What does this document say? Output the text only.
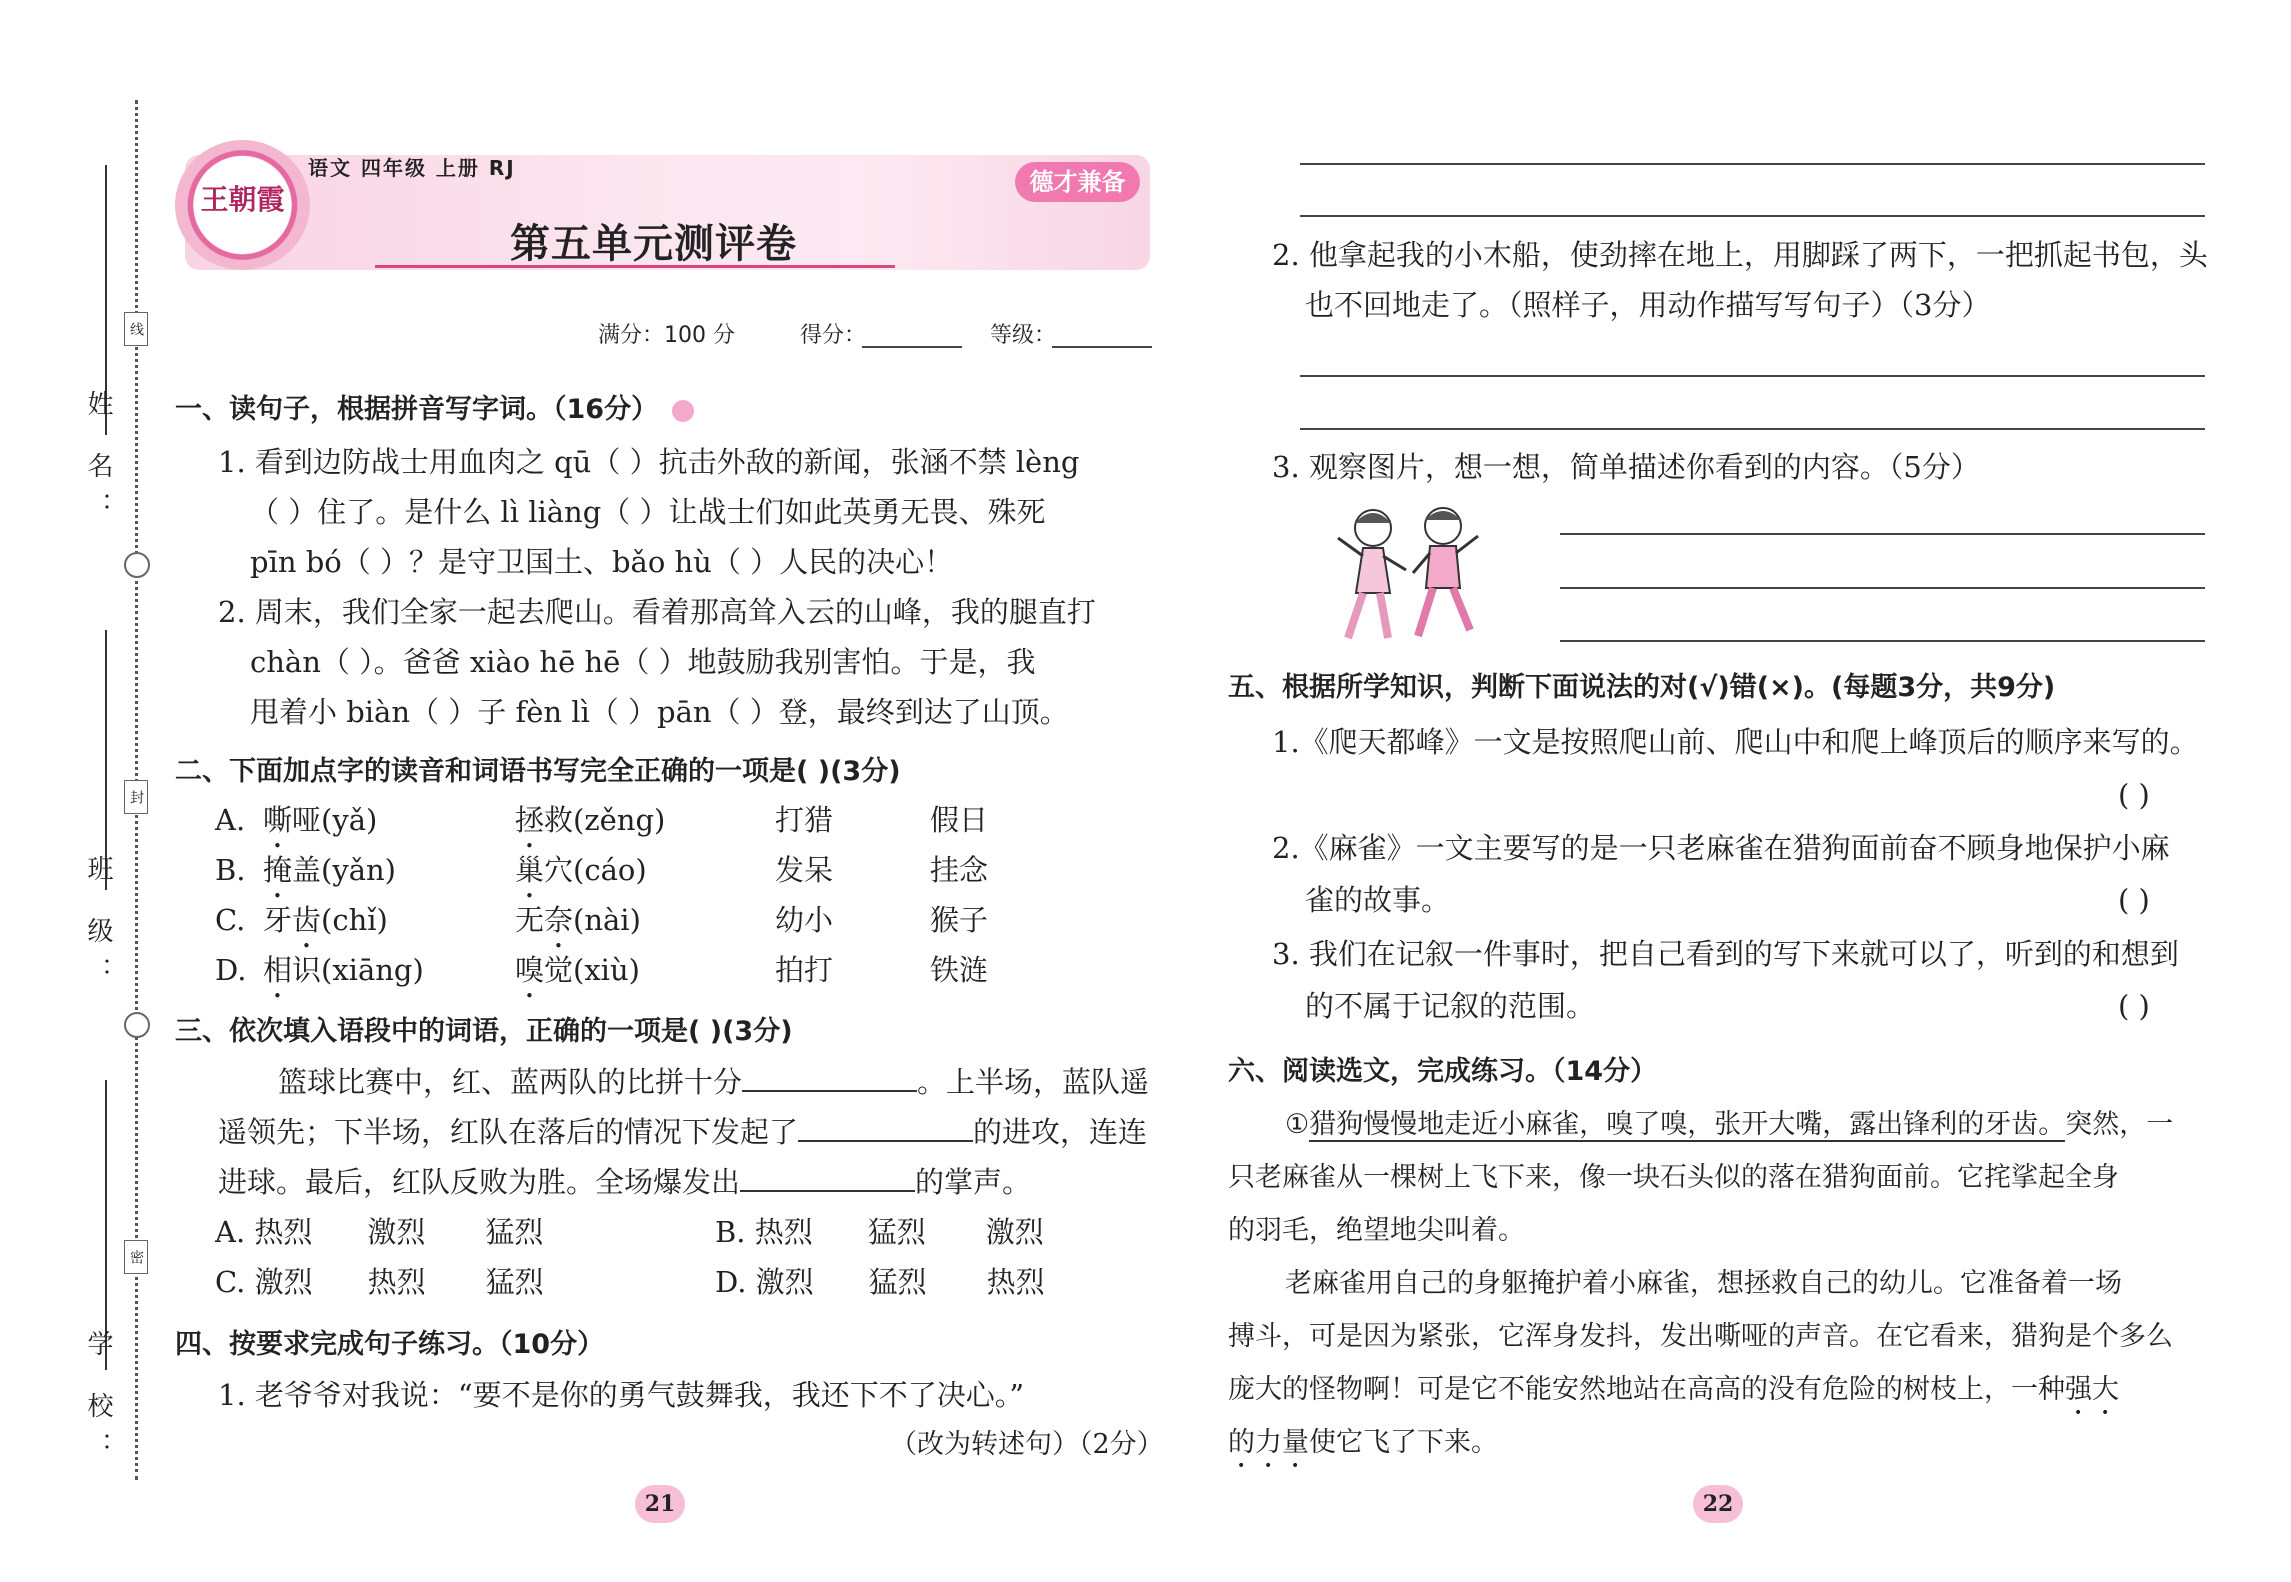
姓 名：
班 级：
学 校：
线
封
密
王朝霞
语文 四年级 上册 RJ
第五单元测评卷
德才兼备
满分：100 分	得分：	等级：
一、读句子，根据拼音写字词。（16分）
1. 看到边防战士用血肉之 qū（ ）抗击外敌的新闻，张涵不禁 lèng
（ ）住了。是什么 lì liàng（ ）让战士们如此英勇无畏、殊死
pīn bó（ ）？是守卫国土、bǎo hù（ ）人民的决心！
2. 周末，我们全家一起去爬山。看着那高耸入云的山峰，我的腿直打
chàn（ ）。爸爸 xiào hē hē（ ）地鼓励我别害怕。于是，我
甩着小 biàn（ ）子 fèn lì（ ）pān（ ）登，最终到达了山顶。
二、下面加点字的读音和词语书写完全正确的一项是( )(3分)
A. 嘶哑(yǎ)	拯救(zěng)	打猎	假日
B. 掩盖(yǎn)	巢穴(cáo)	发呆	挂念
C. 牙齿(chǐ)	无奈(nài)	幼小	猴子
D. 相识(xiāng)	嗅觉(xiù)	拍打	铁涟
三、依次填入语段中的词语，正确的一项是( )(3分)
篮球比赛中，红、蓝两队的比拼十分	。上半场，蓝队遥
遥领先；下半场，红队在落后的情况下发起了	的进攻，连连
进球。最后，红队反败为胜。全场爆发出	的掌声。
A. 热烈 激烈 猛烈	B. 热烈 猛烈 激烈
C. 激烈 热烈 猛烈	D. 激烈 猛烈 热烈
四、按要求完成句子练习。（10分）
1. 老爷爷对我说：“要不是你的勇气鼓舞我，我还下不了决心。”
（改为转述句）（2分）
21
2. 他拿起我的小木船，使劲摔在地上，用脚踩了两下，一把抓起书包，头
也不回地走了。（照样子，用动作描写写句子）（3分）
3. 观察图片，想一想，简单描述你看到的内容。（5分）
五、根据所学知识，判断下面说法的对(√)错(×)。(每题3分，共9分)
1.《爬天都峰》一文是按照爬山前、爬山中和爬上峰顶后的顺序来写的。
( )
2.《麻雀》一文主要写的是一只老麻雀在猎狗面前奋不顾身地保护小麻
雀的故事。	( )
3. 我们在记叙一件事时，把自己看到的写下来就可以了，听到的和想到
的不属于记叙的范围。	( )
六、阅读选文，完成练习。（14分）
①猎狗慢慢地走近小麻雀，嗅了嗅，张开大嘴，露出锋利的牙齿。突然，一
只老麻雀从一棵树上飞下来，像一块石头似的落在猎狗面前。它挓挲起全身
的羽毛，绝望地尖叫着。
老麻雀用自己的身躯掩护着小麻雀，想拯救自己的幼儿。它准备着一场
搏斗，可是因为紧张，它浑身发抖，发出嘶哑的声音。在它看来，猎狗是个多么
庞大的怪物啊！可是它不能安然地站在高高的没有危险的树枝上，一种强大
的力量使它飞了下来。
22
